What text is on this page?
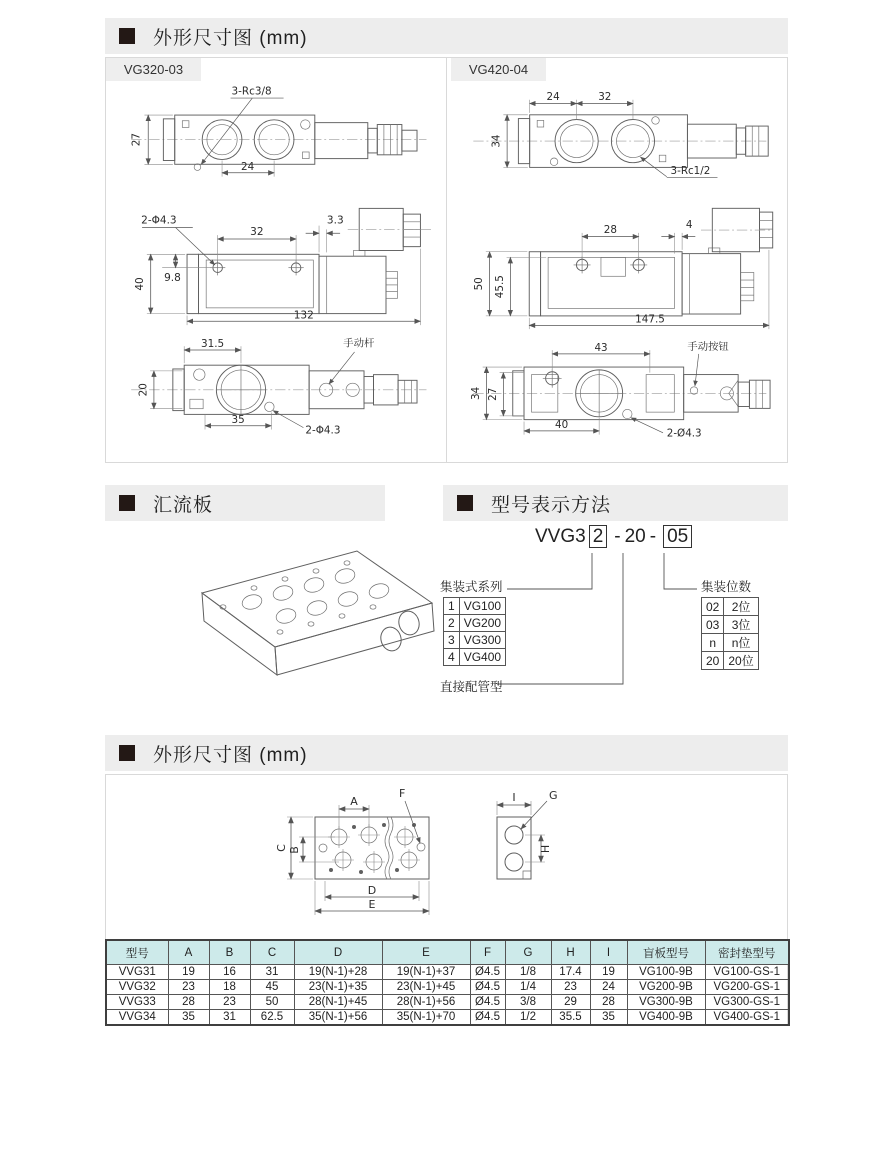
外形尺寸图 (mm)
VG320-03
27
3-Rc3/8
24
2-Φ4.3
32
3.3
40 9.8
132
31.5	手动杆
20
35
2-Φ4.3
VG420-04
24	32
34
3-Rc1/2
28	4
50 45.5
147.5
43	手动按钮
34 27
40
2-Ø4.3
汇流板	型号表示方法
VVG3 2 - 20 - 05
集装式系列
1	VG100
2	VG200
3	VG300
4	VG400
集装位数
02	2位
03	3位
n	n位
20	20位
直接配管型
外形尺寸图 (mm)
A
F
C B
D
E
I	G
H
型号	A	B	C	D	E	F	G	H	I	盲板型号	密封垫型号
VVG31	19	16	31	19(N-1)+28	19(N-1)+37	Ø4.5	1/8	17.4	19	VG100-9B	VG100-GS-1
VVG32	23	18	45	23(N-1)+35	23(N-1)+45	Ø4.5	1/4	23	24	VG200-9B	VG200-GS-1
VVG33	28	23	50	28(N-1)+45	28(N-1)+56	Ø4.5	3/8	29	28	VG300-9B	VG300-GS-1
VVG34	35	31	62.5	35(N-1)+56	35(N-1)+70	Ø4.5	1/2	35.5	35	VG400-9B	VG400-GS-1
